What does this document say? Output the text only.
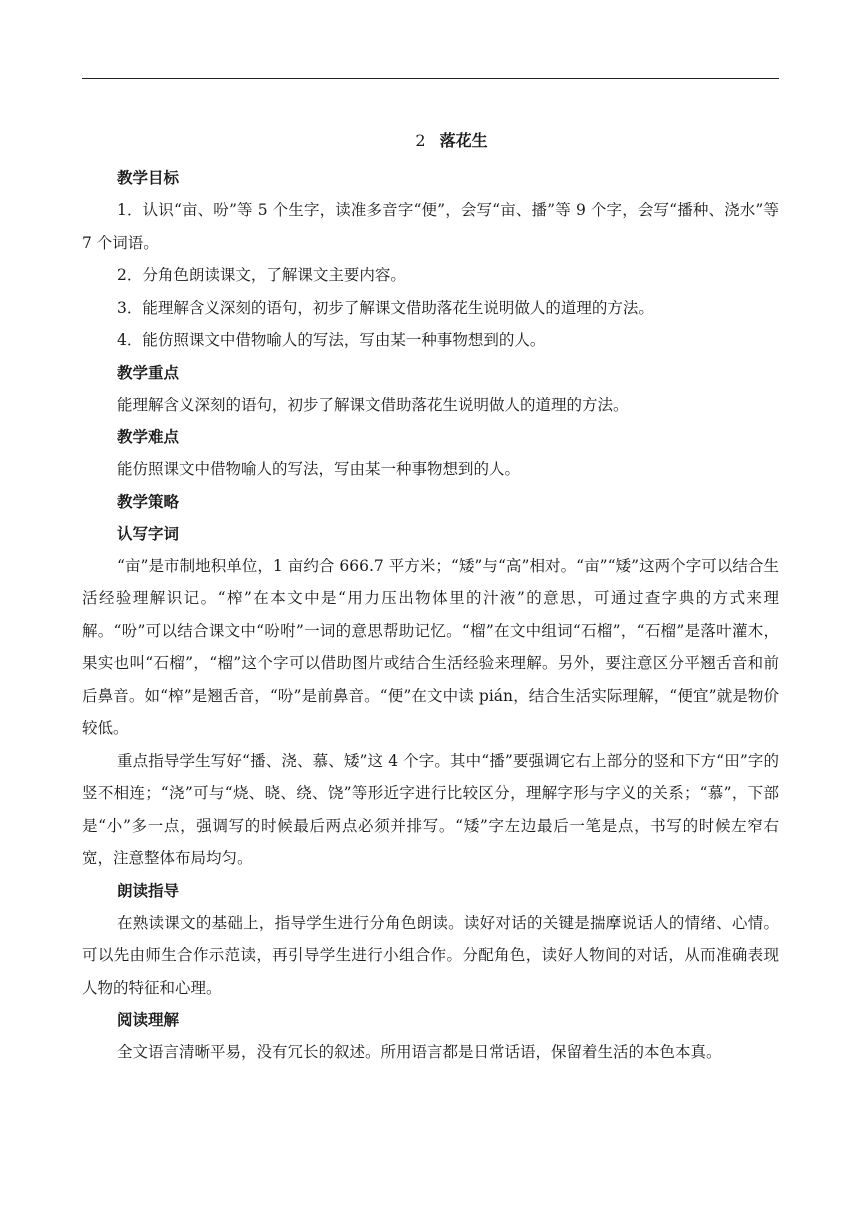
2 落花生
教学目标

1．认识“亩、吩”等 5 个生字，读准多音字“便”，会写“亩、播”等 9 个字，会写“播种、浇水”等 7 个词语。

2．分角色朗读课文，了解课文主要内容。

3．能理解含义深刻的语句，初步了解课文借助落花生说明做人的道理的方法。

4．能仿照课文中借物喻人的写法，写由某一种事物想到的人。

教学重点

能理解含义深刻的语句，初步了解课文借助落花生说明做人的道理的方法。

教学难点

能仿照课文中借物喻人的写法，写由某一种事物想到的人。

教学策略
认写字词

“亩”是市制地积单位，1 亩约合 666.7 平方米；“矮”与“高”相对。“亩”“矮”这两个字可以结合生活经验理解识记。“榨”在本文中是“用力压出物体里的汁液”的意思，可通过查字典的方式来理解。“吩”可以结合课文中“吩咐”一词的意思帮助记忆。“榴”在文中组词“石榴”，“石榴”是落叶灌木，果实也叫“石榴”，“榴”这个字可以借助图片或结合生活经验来理解。另外，要注意区分平翘舌音和前后鼻音。如“榨”是翘舌音，“吩”是前鼻音。“便”在文中读 pián，结合生活实际理解，“便宜”就是物价较低。

重点指导学生写好“播、浇、慕、矮”这 4 个字。其中“播”要强调它右上部分的竖和下方“田”字的竖不相连；“浇”可与“烧、晓、绕、饶”等形近字进行比较区分，理解字形与字义的关系；“慕”，下部是“小”多一点，强调写的时候最后两点必须并排写。“矮”字左边最后一笔是点，书写的时候左窄右宽，注意整体布局均匀。

朗读指导

在熟读课文的基础上，指导学生进行分角色朗读。读好对话的关键是揣摩说话人的情绪、心情。可以先由师生合作示范读，再引导学生进行小组合作。分配角色，读好人物间的对话，从而准确表现人物的特征和心理。

阅读理解

全文语言清晰平易，没有冗长的叙述。所用语言都是日常话语，保留着生活的本色本真。
